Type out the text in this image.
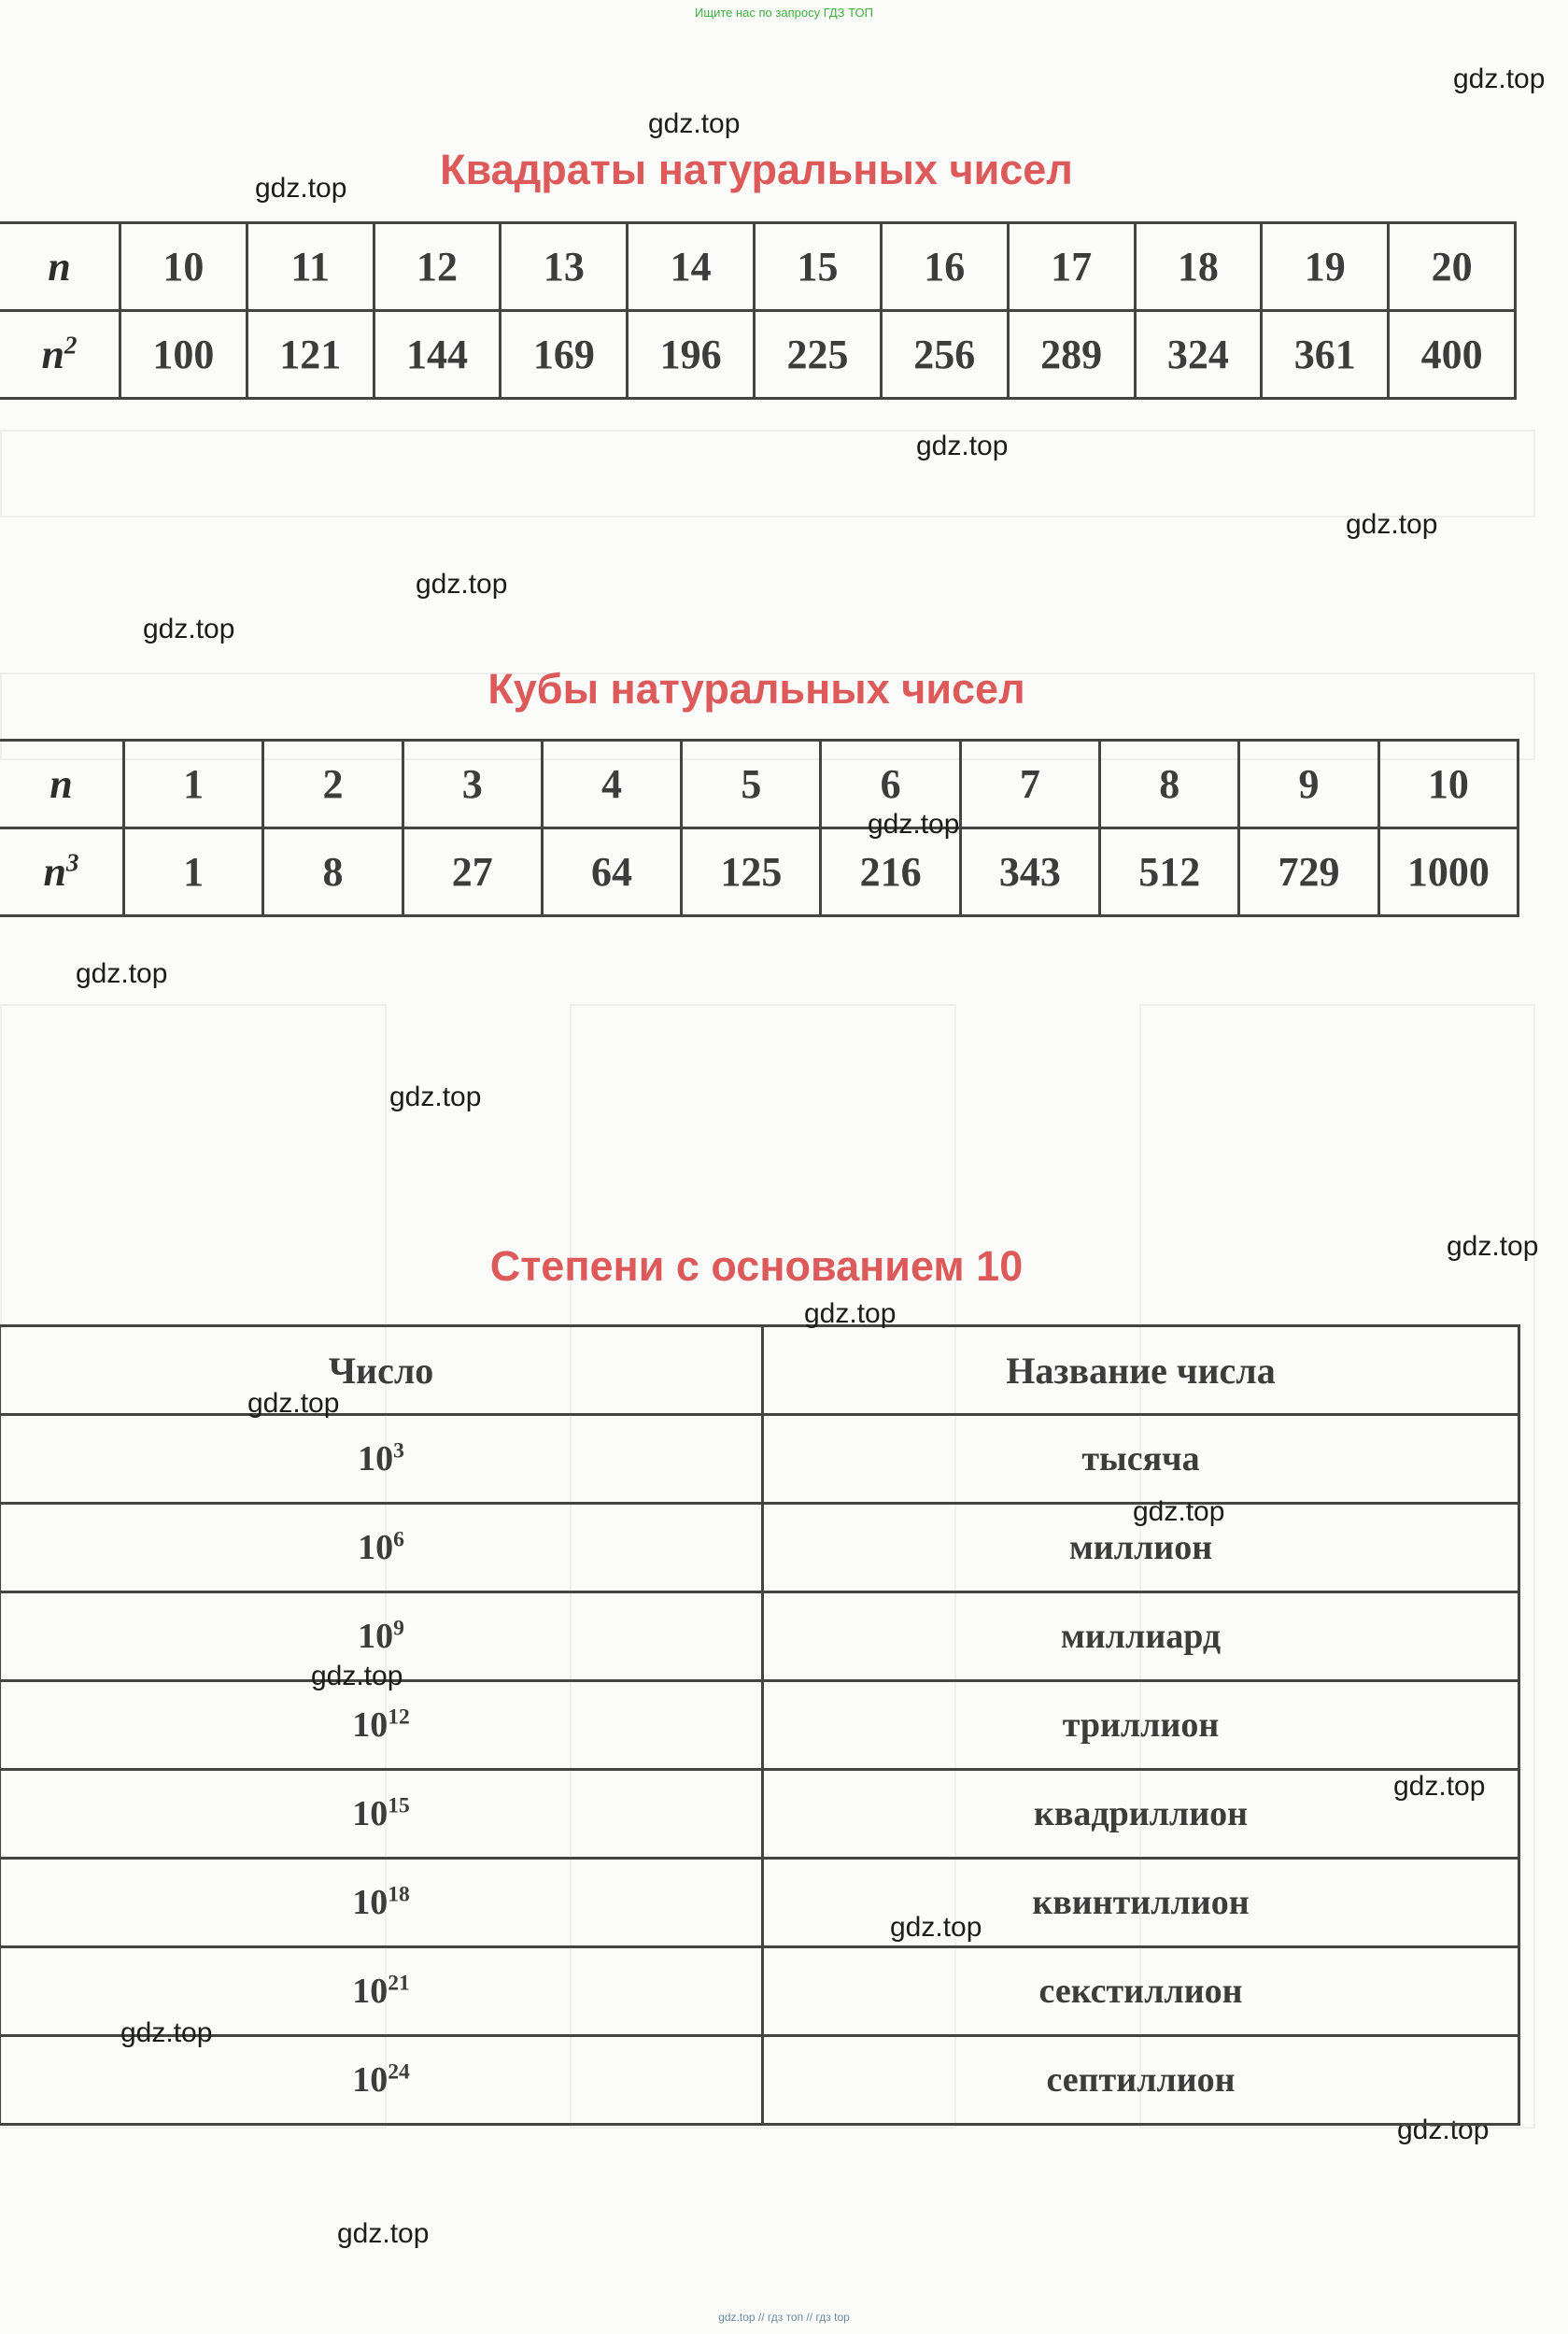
Ищите нас по запросу ГДЗ ТОП
gdz.top
gdz.top
gdz.top
gdz.top
gdz.top
gdz.top
gdz.top
gdz.top
gdz.top
gdz.top
gdz.top
gdz.top
gdz.top
Квадраты натуральных чисел
n	10	11	12	13	14	15	16	17	18	19	20
$n^2$	100	121	144	169	196	225	256	289	324	361	400
Кубы натуральных чисел
n	1	2	3	4	5	6	7	8	9	10
$n^3$	1	8	27	64	125	216	343	512	729	1000
Степени с основанием 10
Число	Название числа
$10^3$	тысяча
$10^6$	миллион
$10^9$	миллиард
$10^{12}$	триллион
$10^{15}$	квадриллион
$10^{18}$	квинтиллион
$10^{21}$	секстиллион
$10^{24}$	септиллион
gdz.top
gdz.top
gdz.top
gdz.top
gdz.top
gdz.top
gdz.top
gdz.top // гдз топ // гдз top
